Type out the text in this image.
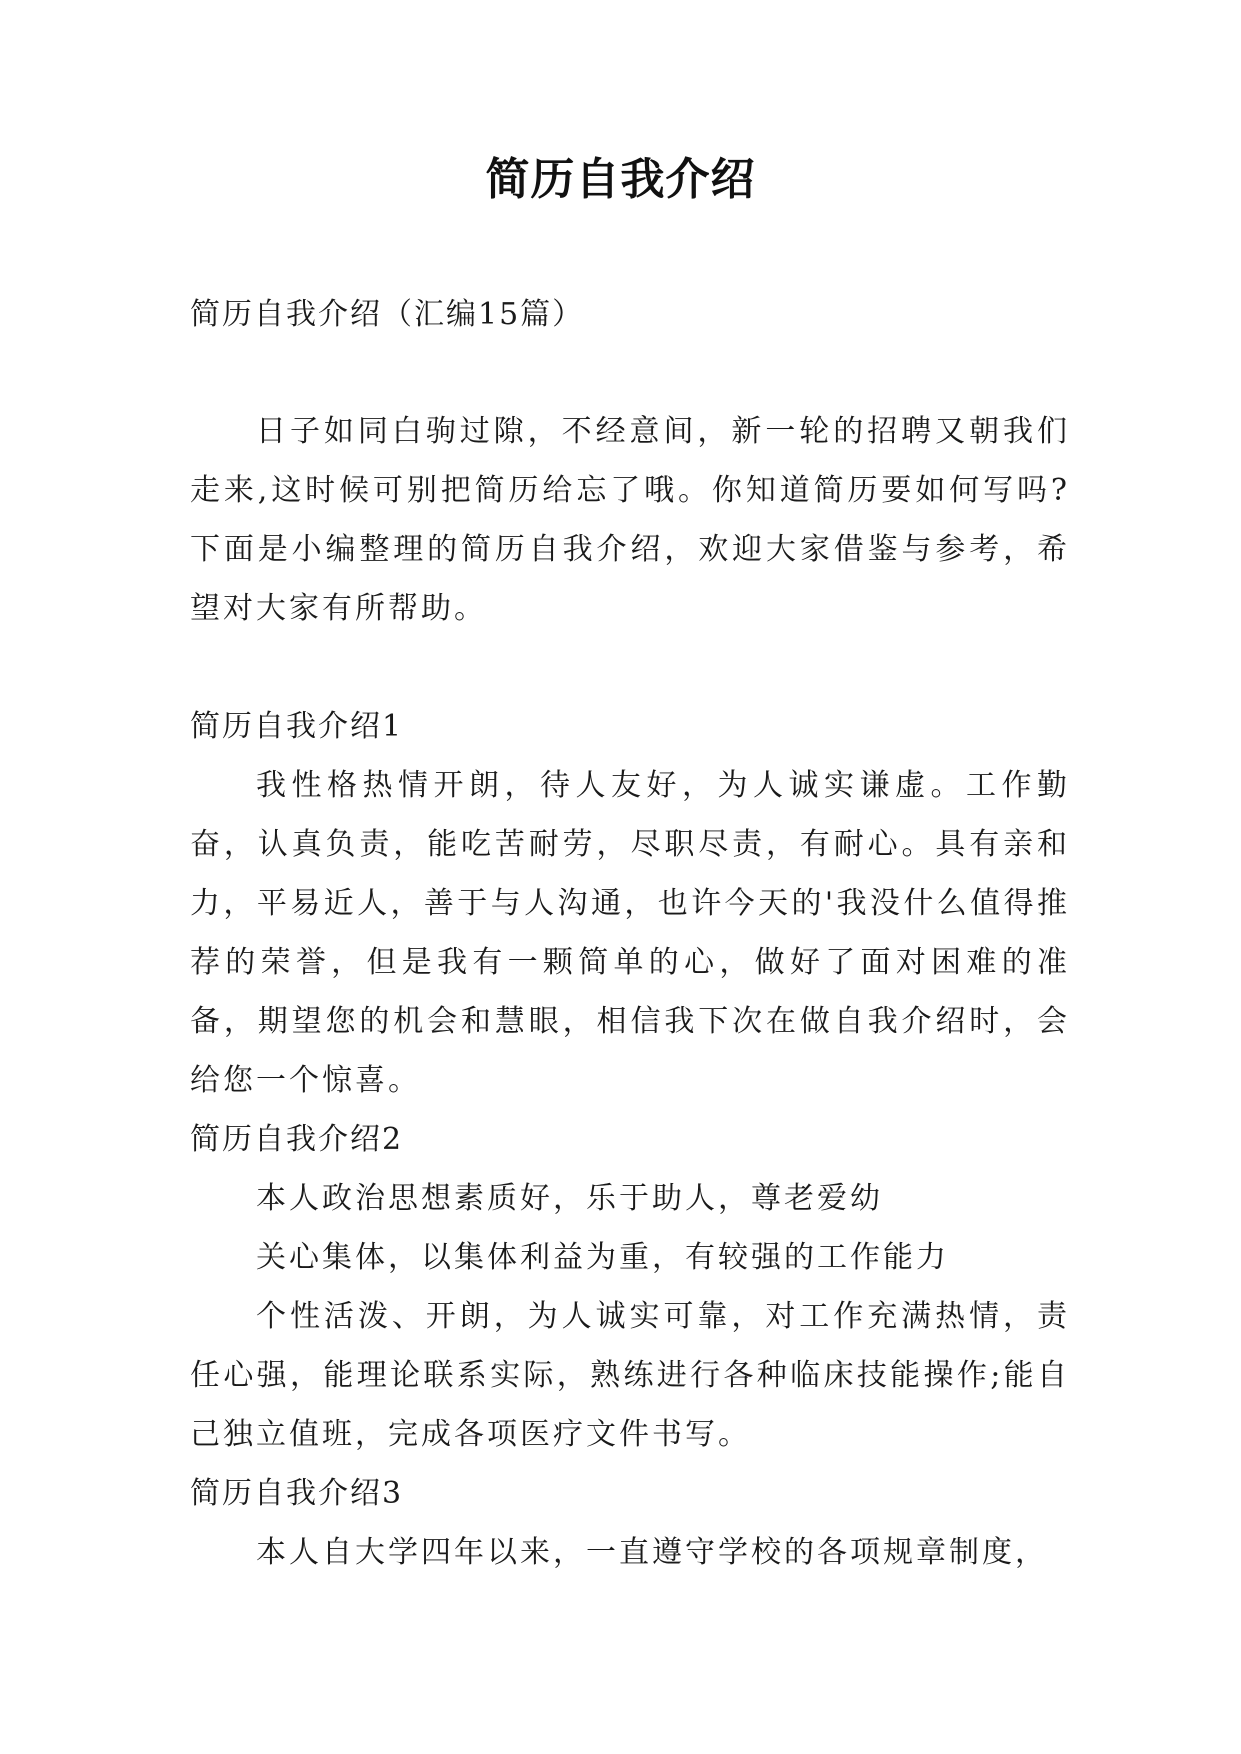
简历自我介绍
简历自我介绍（汇编15篇）

日子如同白驹过隙，不经意间，新一轮的招聘又朝我们走来,这时候可别把简历给忘了哦。你知道简历要如何写吗?下面是小编整理的简历自我介绍，欢迎大家借鉴与参考，希望对大家有所帮助。

简历自我介绍1

我性格热情开朗，待人友好，为人诚实谦虚。工作勤奋，认真负责，能吃苦耐劳，尽职尽责，有耐心。具有亲和力，平易近人，善于与人沟通，也许今天的'我没什么值得推荐的荣誉，但是我有一颗简单的心，做好了面对困难的准备，期望您的机会和慧眼，相信我下次在做自我介绍时，会给您一个惊喜。

简历自我介绍2

本人政治思想素质好，乐于助人，尊老爱幼

关心集体，以集体利益为重，有较强的工作能力

个性活泼、开朗，为人诚实可靠，对工作充满热情，责任心强，能理论联系实际，熟练进行各种临床技能操作;能自己独立值班，完成各项医疗文件书写。

简历自我介绍3

本人自大学四年以来，一直遵守学校的各项规章制度，
